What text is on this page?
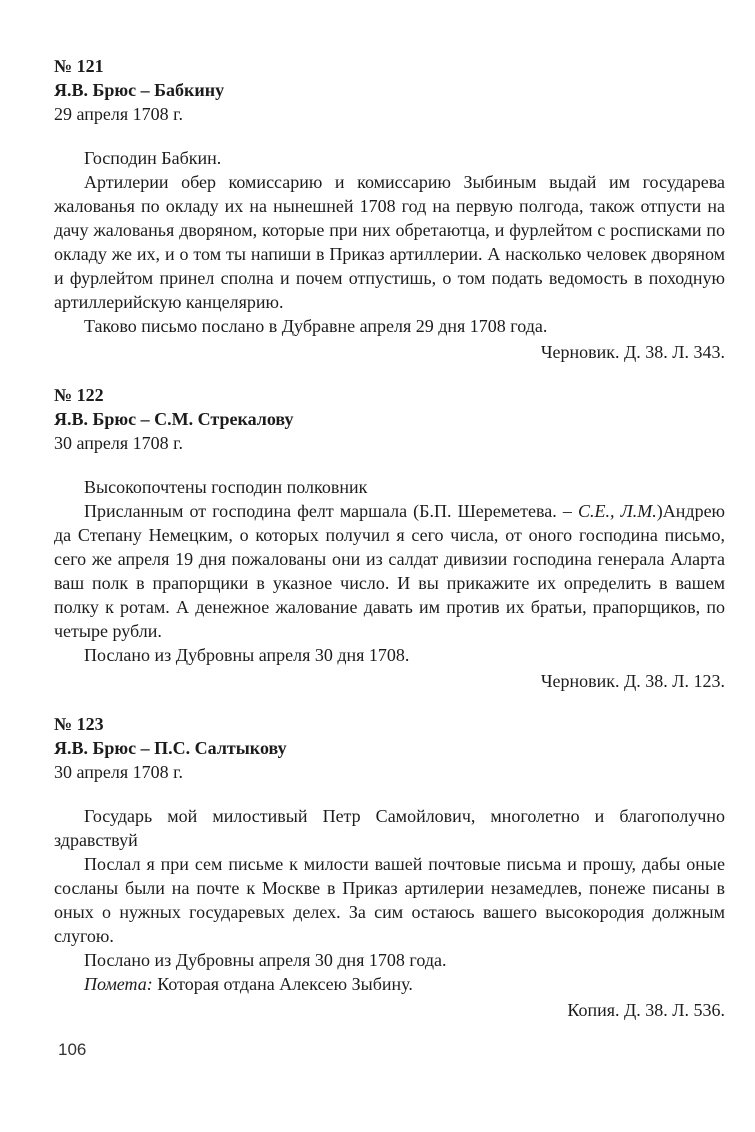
№ 121

Я.В. Брюс – Бабкину

29 апреля 1708 г.

Господин Бабкин.

Артилерии обер комиссарию и комиссарию Зыбиным выдай им государева жалованья по окладу их на нынешней 1708 год на первую полгода, також отпусти на дачу жалованья дворяном, которые при них обретаютца, и фурлейтом с росписками по окладу же их, и о том ты напиши в Приказ артиллерии. А насколько человек дворяном и фурлейтом принел сполна и почем отпустишь, о том подать ведомость в походную артиллерийскую канцелярию.

Таково письмо послано в Дубравне апреля 29 дня 1708 года.

Черновик. Д. 38. Л. 343.

№ 122

Я.В. Брюс – С.М. Стрекалову

30 апреля 1708 г.

Высокопочтены господин полковник

Присланным от господина фелт маршала (Б.П. Шереметева. – С.Е., Л.М.)Андрею да Степану Немецким, о которых получил я сего числа, от оного господина письмо, сего же апреля 19 дня пожалованы они из салдат дивизии господина генерала Аларта ваш полк в прапорщики в указное число. И вы прикажите их определить в вашем полку к ротам. А денежное жалование давать им против их братьи, прапорщиков, по четыре рубли.

Послано из Дубровны апреля 30 дня 1708.

Черновик. Д. 38. Л. 123.

№ 123

Я.В. Брюс – П.С. Салтыкову

30 апреля 1708 г.

Государь мой милостивый Петр Самойлович, многолетно и благополучно здравствуй

Послал я при сем письме к милости вашей почтовые письма и прошу, дабы оные сосланы были на почте к Москве в Приказ артилерии незамедлев, понеже писаны в оных о нужных государевых делех. За сим остаюсь вашего высокородия должным слугою.

Послано из Дубровны апреля 30 дня 1708 года.

Помета: Которая отдана Алексею Зыбину.

Копия. Д. 38. Л. 536.

106
